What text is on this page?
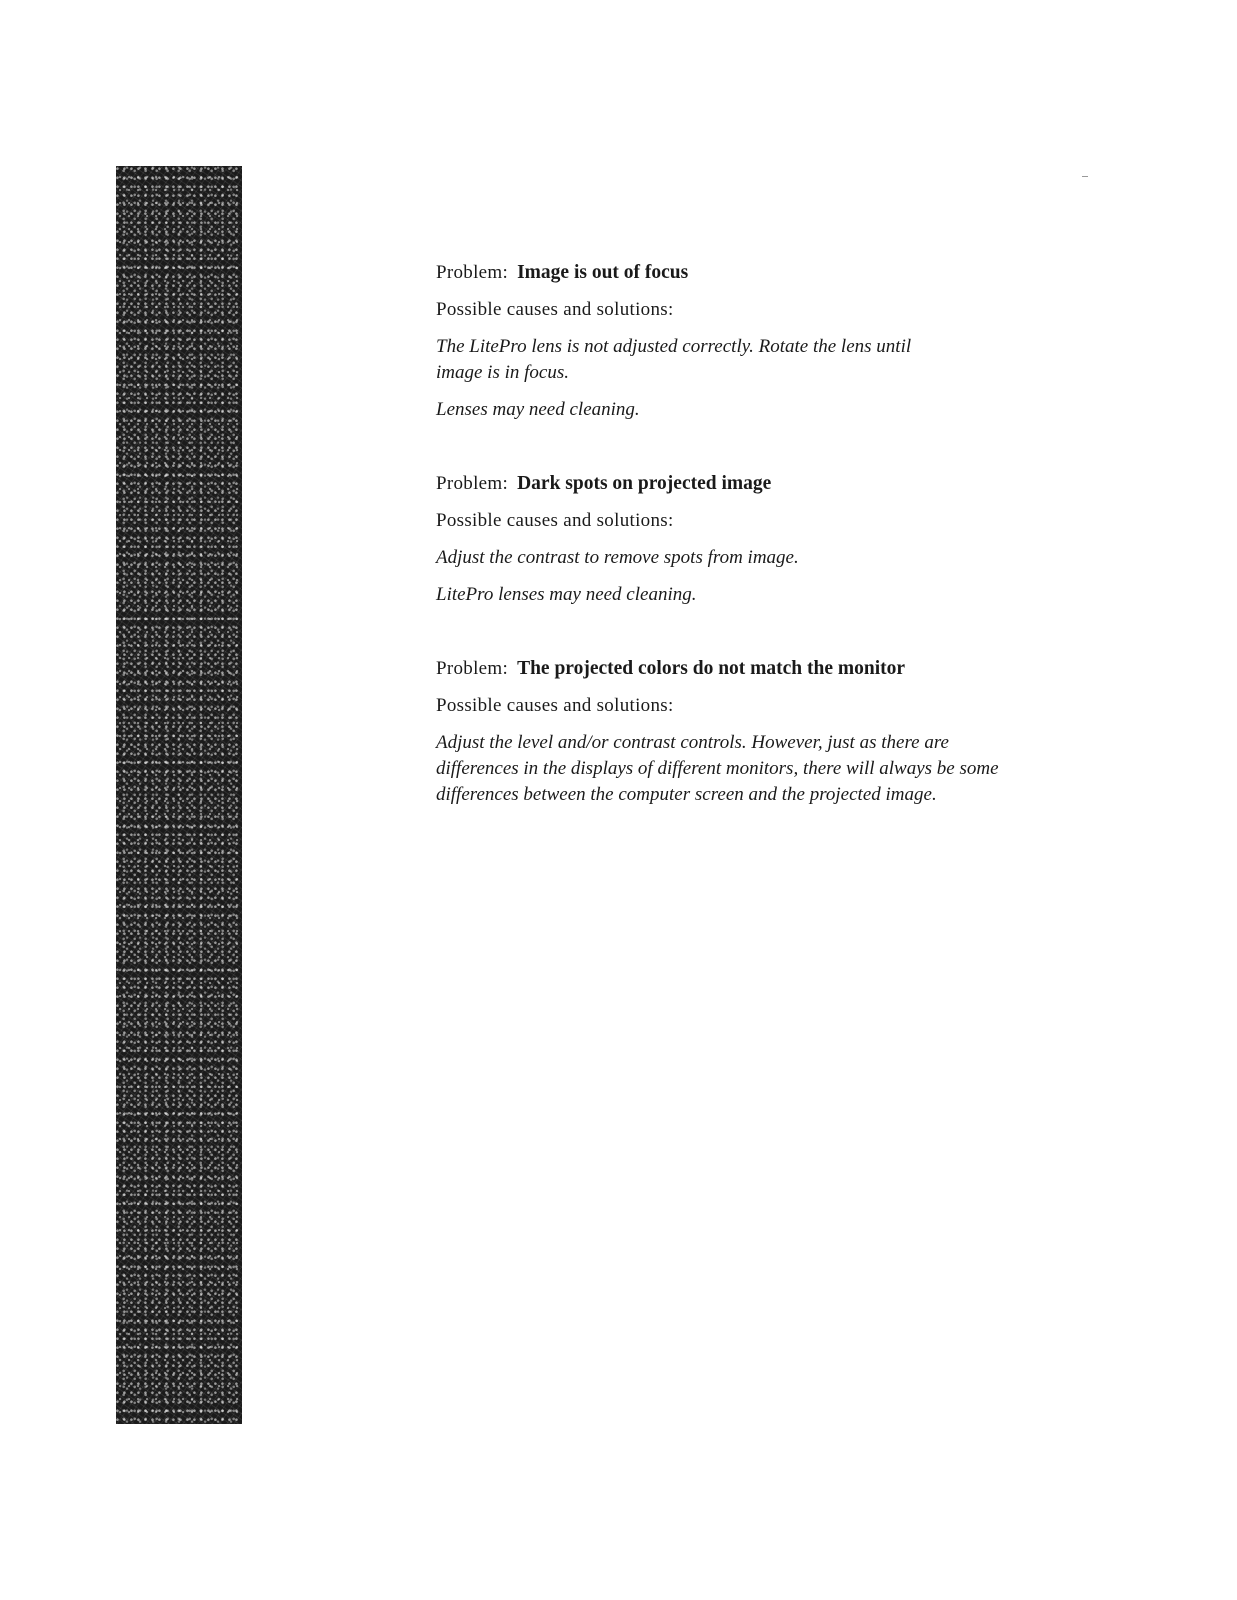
Problem: Image is out of focus

Possible causes and solutions:

The LitePro lens is not adjusted correctly. Rotate the lens until image is in focus.

Lenses may need cleaning.

Problem: Dark spots on projected image

Possible causes and solutions:

Adjust the contrast to remove spots from image.

LitePro lenses may need cleaning.

Problem: The projected colors do not match the monitor

Possible causes and solutions:

Adjust the level and/or contrast controls. However, just as there are differences in the displays of different monitors, there will always be some differences between the computer screen and the projected image.
